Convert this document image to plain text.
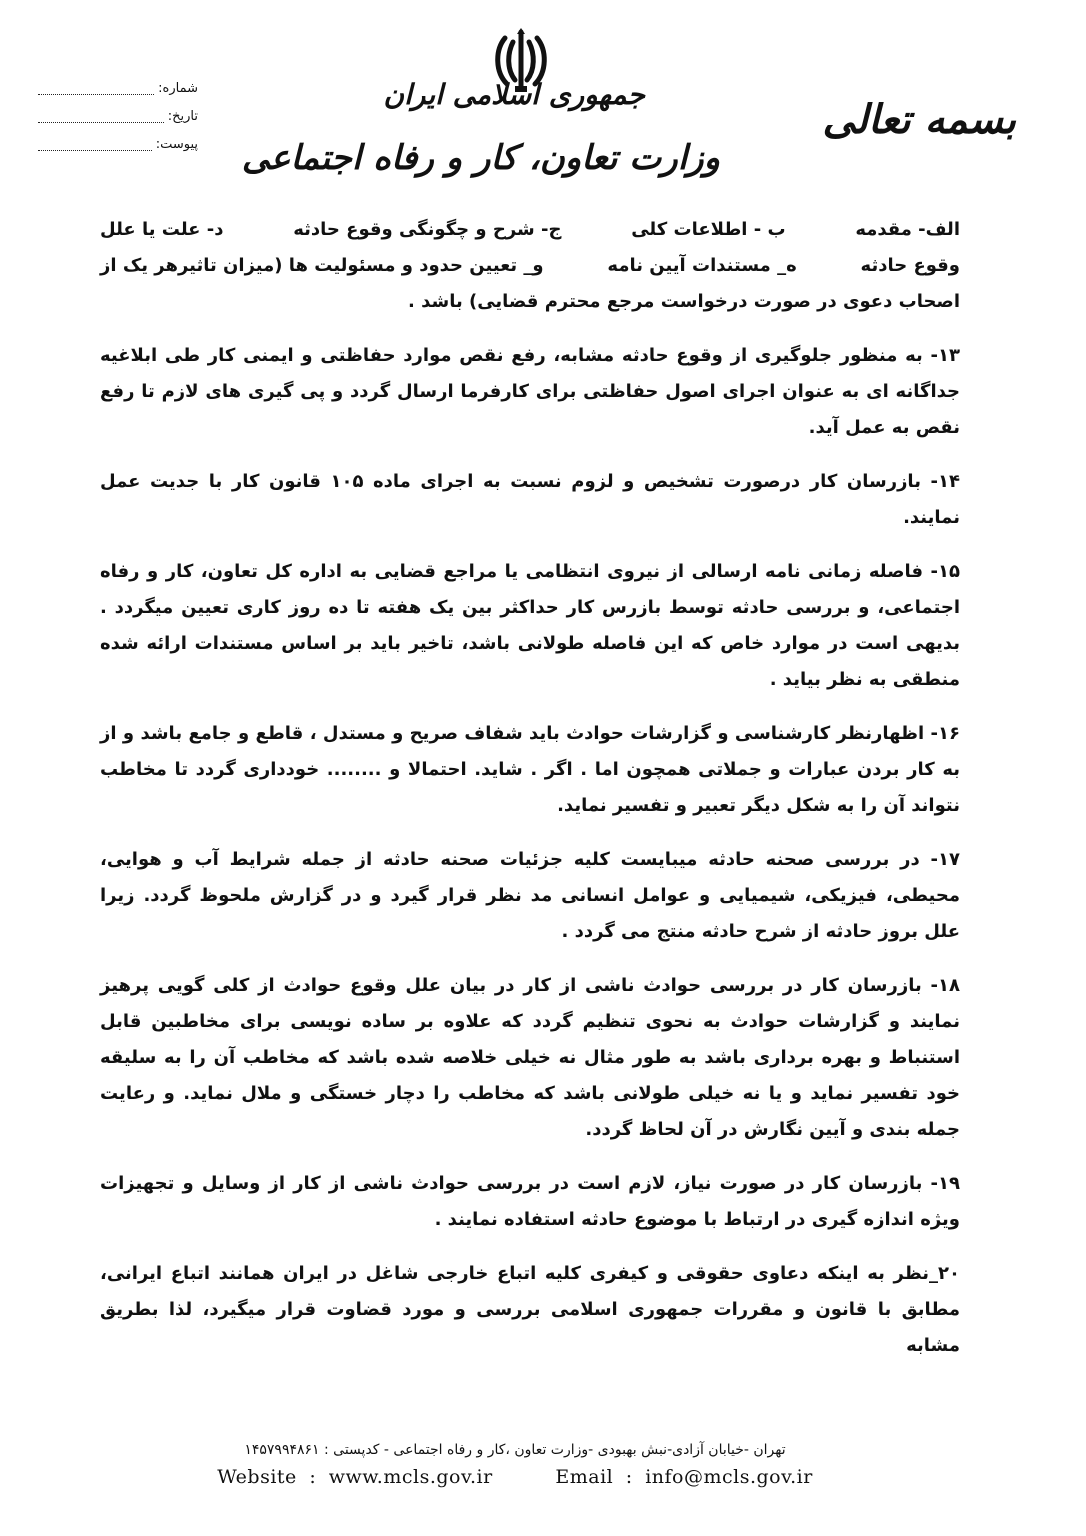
بسمه تعالی
جمهوری اسلامی ایران
وزارت تعاون، کار و رفاه اجتماعی
شماره:
تاریخ:
پیوست:
الف- مقدمه
ب - اطلاعات کلی
ج- شرح و چگونگی وقوع حادثه
د- علت یا علل
وقوع حادثه
ه_ مستندات آیین نامه
و_ تعیین حدود و مسئولیت ها (میزان تاثیرهر یک از
اصحاب دعوی در صورت درخواست مرجع محترم قضایی) باشد .

۱۳- به منظور جلوگیری از وقوع حادثه مشابه، رفع نقص موارد حفاظتی و ایمنی کار طی ابلاغیه جداگانه ای به عنوان اجرای اصول حفاظتی برای کارفرما ارسال گردد و پی گیری های لازم تا رفع نقص به عمل آید.

۱۴- بازرسان کار درصورت تشخیص و لزوم نسبت به اجرای ماده ۱۰۵ قانون کار با جدیت عمل نمایند.

۱۵- فاصله زمانی نامه ارسالی از نیروی انتظامی یا مراجع قضایی به اداره کل تعاون، کار و رفاه اجتماعی، و بررسی حادثه توسط بازرس کار حداکثر بین یک هفته تا ده روز کاری تعیین میگردد . بدیهی است در موارد خاص که این فاصله طولانی باشد، تاخیر باید بر اساس مستندات ارائه شده منطقی به نظر بیاید .

۱۶- اظهارنظر کارشناسی و گزارشات حوادث باید شفاف صریح و مستدل ، قاطع و جامع باشد و از به کار بردن عبارات و جملاتی همچون اما . اگر . شاید. احتمالا و ........ خودداری گردد تا مخاطب نتواند آن را به شکل دیگر تعبیر و تفسیر نماید.

۱۷- در بررسی صحنه حادثه میبایست کلیه جزئیات صحنه حادثه از جمله شرایط آب و هوایی، محیطی، فیزیکی، شیمیایی و عوامل انسانی مد نظر قرار گیرد و در گزارش ملحوظ گردد. زیرا علل بروز حادثه از شرح حادثه منتج می گردد .

۱۸- بازرسان کار در بررسی حوادث ناشی از کار در بیان علل وقوع حوادث از کلی گویی پرهیز نمایند و گزارشات حوادث به نحوی تنظیم گردد که علاوه بر ساده نویسی برای مخاطبین قابل استنباط و بهره برداری باشد به طور مثال نه خیلی خلاصه شده باشد که مخاطب آن را به سلیقه خود تفسیر نماید و یا نه خیلی طولانی باشد که مخاطب را دچار خستگی و ملال نماید. و رعایت جمله بندی و آیین نگارش در آن لحاظ گردد.

۱۹- بازرسان کار در صورت نیاز، لازم است در بررسی حوادث ناشی از کار از وسایل و تجهیزات ویژه اندازه گیری در ارتباط با موضوع حادثه استفاده نمایند .

۲۰_نظر به اینکه دعاوی حقوقی و کیفری کلیه اتباع خارجی شاغل در ایران همانند اتباع ایرانی، مطابق با قانون و مقررات جمهوری اسلامی بررسی و مورد قضاوت قرار میگیرد، لذا بطریق مشابه

تهران -خیابان آزادی-نبش بهبودی -وزارت تعاون ،کار و رفاه اجتماعی - کدپستی : ۱۴۵۷۹۹۴۸۶۱
Website : www.mcls.gov.ir	Email : info@mcls.gov.ir
